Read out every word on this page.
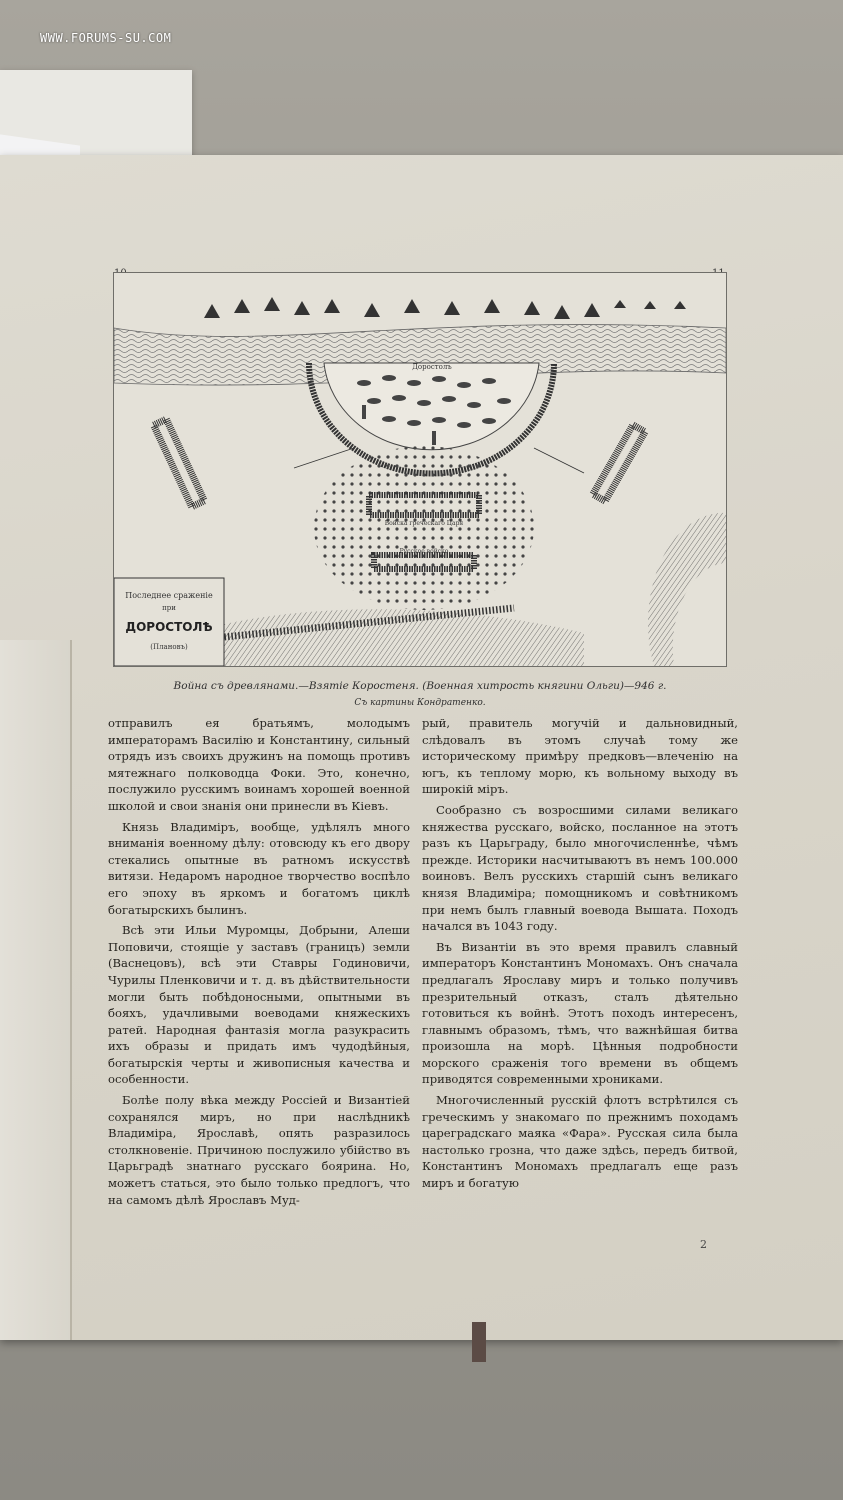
WWW.FORUMS-SU.COM
Последнее сраженіе
при
ДОРОСТОЛѢ
(Плановъ)
Доростолъ
Войска греческаго Царя
Русское войско
Война съ древлянами.—Взятіе Коростеня. (Военная хитрость княгини Ольги)—946 г.
Съ картины Кондратенко.

отправилъ ея братьямъ, молодымъ императорамъ Василію и Константину, сильный отрядъ изъ своихъ дружинъ на помощь противъ мятежнаго полководца Фоки. Это, конечно, послужило русскимъ воинамъ хорошей военной школой и свои знанія они принесли въ Кіевъ.

Князь Владиміръ, вообще, удѣлялъ много вниманія военному дѣлу: отовсюду къ его двору стекались опытные въ ратномъ искусствѣ витязи. Недаромъ народное творчество воспѣло его эпоху въ яркомъ и богатомъ циклѣ богатырскихъ былинъ.

Всѣ эти Ильи Муромцы, Добрыни, Алеши Поповичи, стоящіе у заставъ (границъ) земли (Васнецовъ), всѣ эти Ставры Годиновичи, Чурилы Пленковичи и т. д. въ дѣйствительности могли быть побѣдоносными, опытными въ бояхъ, удачливыми воеводами княжескихъ ратей. Народная фантазія могла разукрасить ихъ образы и придать имъ чудодѣйныя, богатырскія черты и живописныя качества и особенности.

Болѣе полу вѣка между Россіей и Византіей сохранялся миръ, но при наслѣдникѣ Владиміра, Ярославѣ, опять разразилось столкновеніе. Причиною послужило убійство въ Царьградѣ знатнаго русскаго боярина. Но, можетъ статься, это было только предлогъ, что на самомъ дѣлѣ Ярославъ Муд-

рый, правитель могучій и дальновидный, слѣдовалъ въ этомъ случаѣ тому же историческому примѣру предковъ—влеченію на югъ, къ теплому морю, къ вольному выходу въ широкій міръ.

Сообразно съ возросшими силами великаго княжества русскаго, войско, посланное на этотъ разъ къ Царьграду, было многочисленнѣе, чѣмъ прежде. Историки насчитываютъ въ немъ 100.000 воиновъ. Велъ русскихъ старшій сынъ великаго князя Владиміра; помощникомъ и совѣтникомъ при немъ былъ главный воевода Вышата. Походъ начался въ 1043 году.

Въ Византіи въ это время правилъ славный императоръ Константинъ Мономахъ. Онъ сначала предлагалъ Ярославу миръ и только получивъ презрительный отказъ, сталъ дѣятельно готовиться къ войнѣ. Этотъ походъ интересенъ, главнымъ образомъ, тѣмъ, что важнѣйшая битва произошла на морѣ. Цѣнныя подробности морского сраженія того времени въ общемъ приводятся современными хрониками.

Многочисленный русскій флотъ встрѣтился съ греческимъ у знакомаго по прежнимъ походамъ цареградскаго маяка «Фара». Русская сила была настолько грозна, что даже здѣсь, передъ битвой, Константинъ Мономахъ предлагалъ еще разъ миръ и богатую

2
